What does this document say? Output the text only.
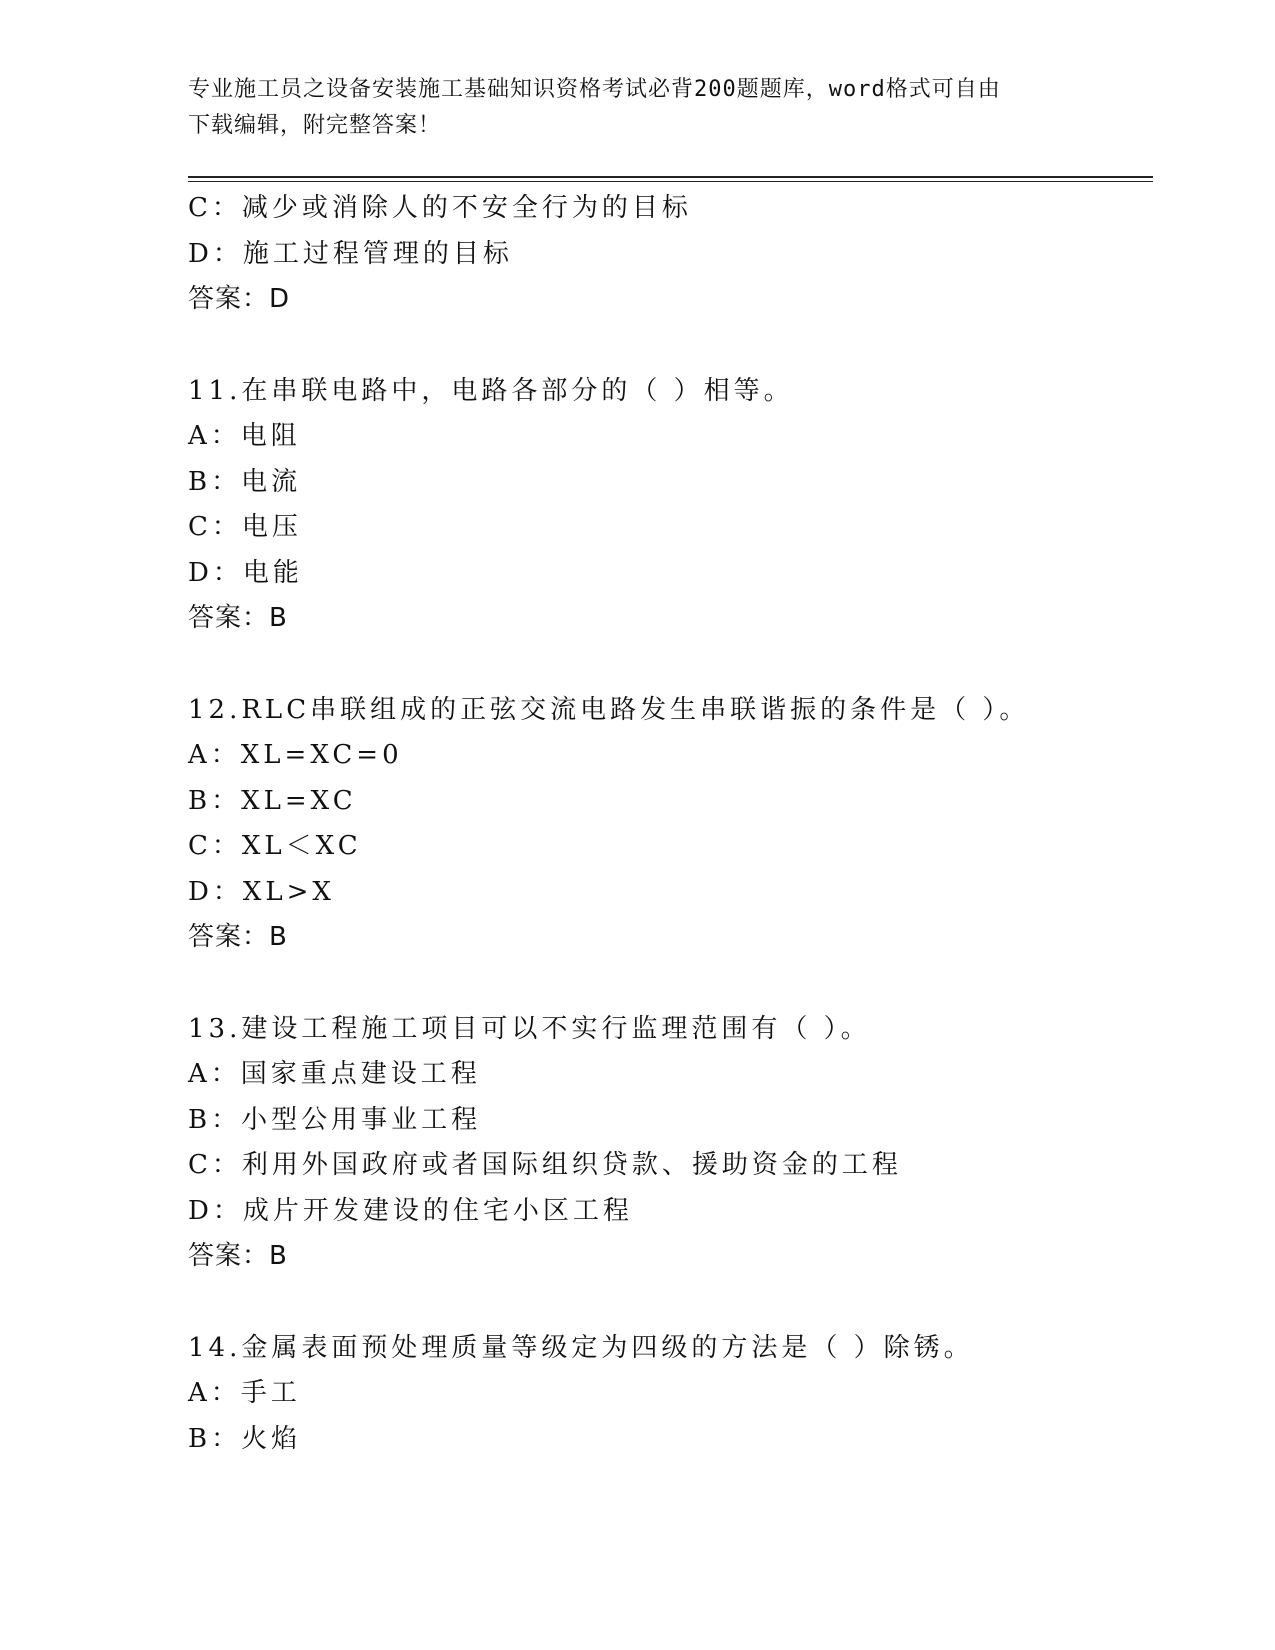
专业施工员之设备安装施工基础知识资格考试必背200题题库，word格式可自由
下载编辑，附完整答案！
C：减少或消除人的不安全行为的目标
D：施工过程管理的目标
答案：D
11.在串联电路中，电路各部分的（ ）相等。
A：电阻
B：电流
C：电压
D：电能
答案：B
12.RLC串联组成的正弦交流电路发生串联谐振的条件是（ ）。
A：XL=XC=0
B：XL=XC
C：XL＜XC
D：XL>X
答案：B
13.建设工程施工项目可以不实行监理范围有（ ）。
A：国家重点建设工程
B：小型公用事业工程
C：利用外国政府或者国际组织贷款、援助资金的工程
D：成片开发建设的住宅小区工程
答案：B
14.金属表面预处理质量等级定为四级的方法是（ ）除锈。
A：手工
B：火焰
